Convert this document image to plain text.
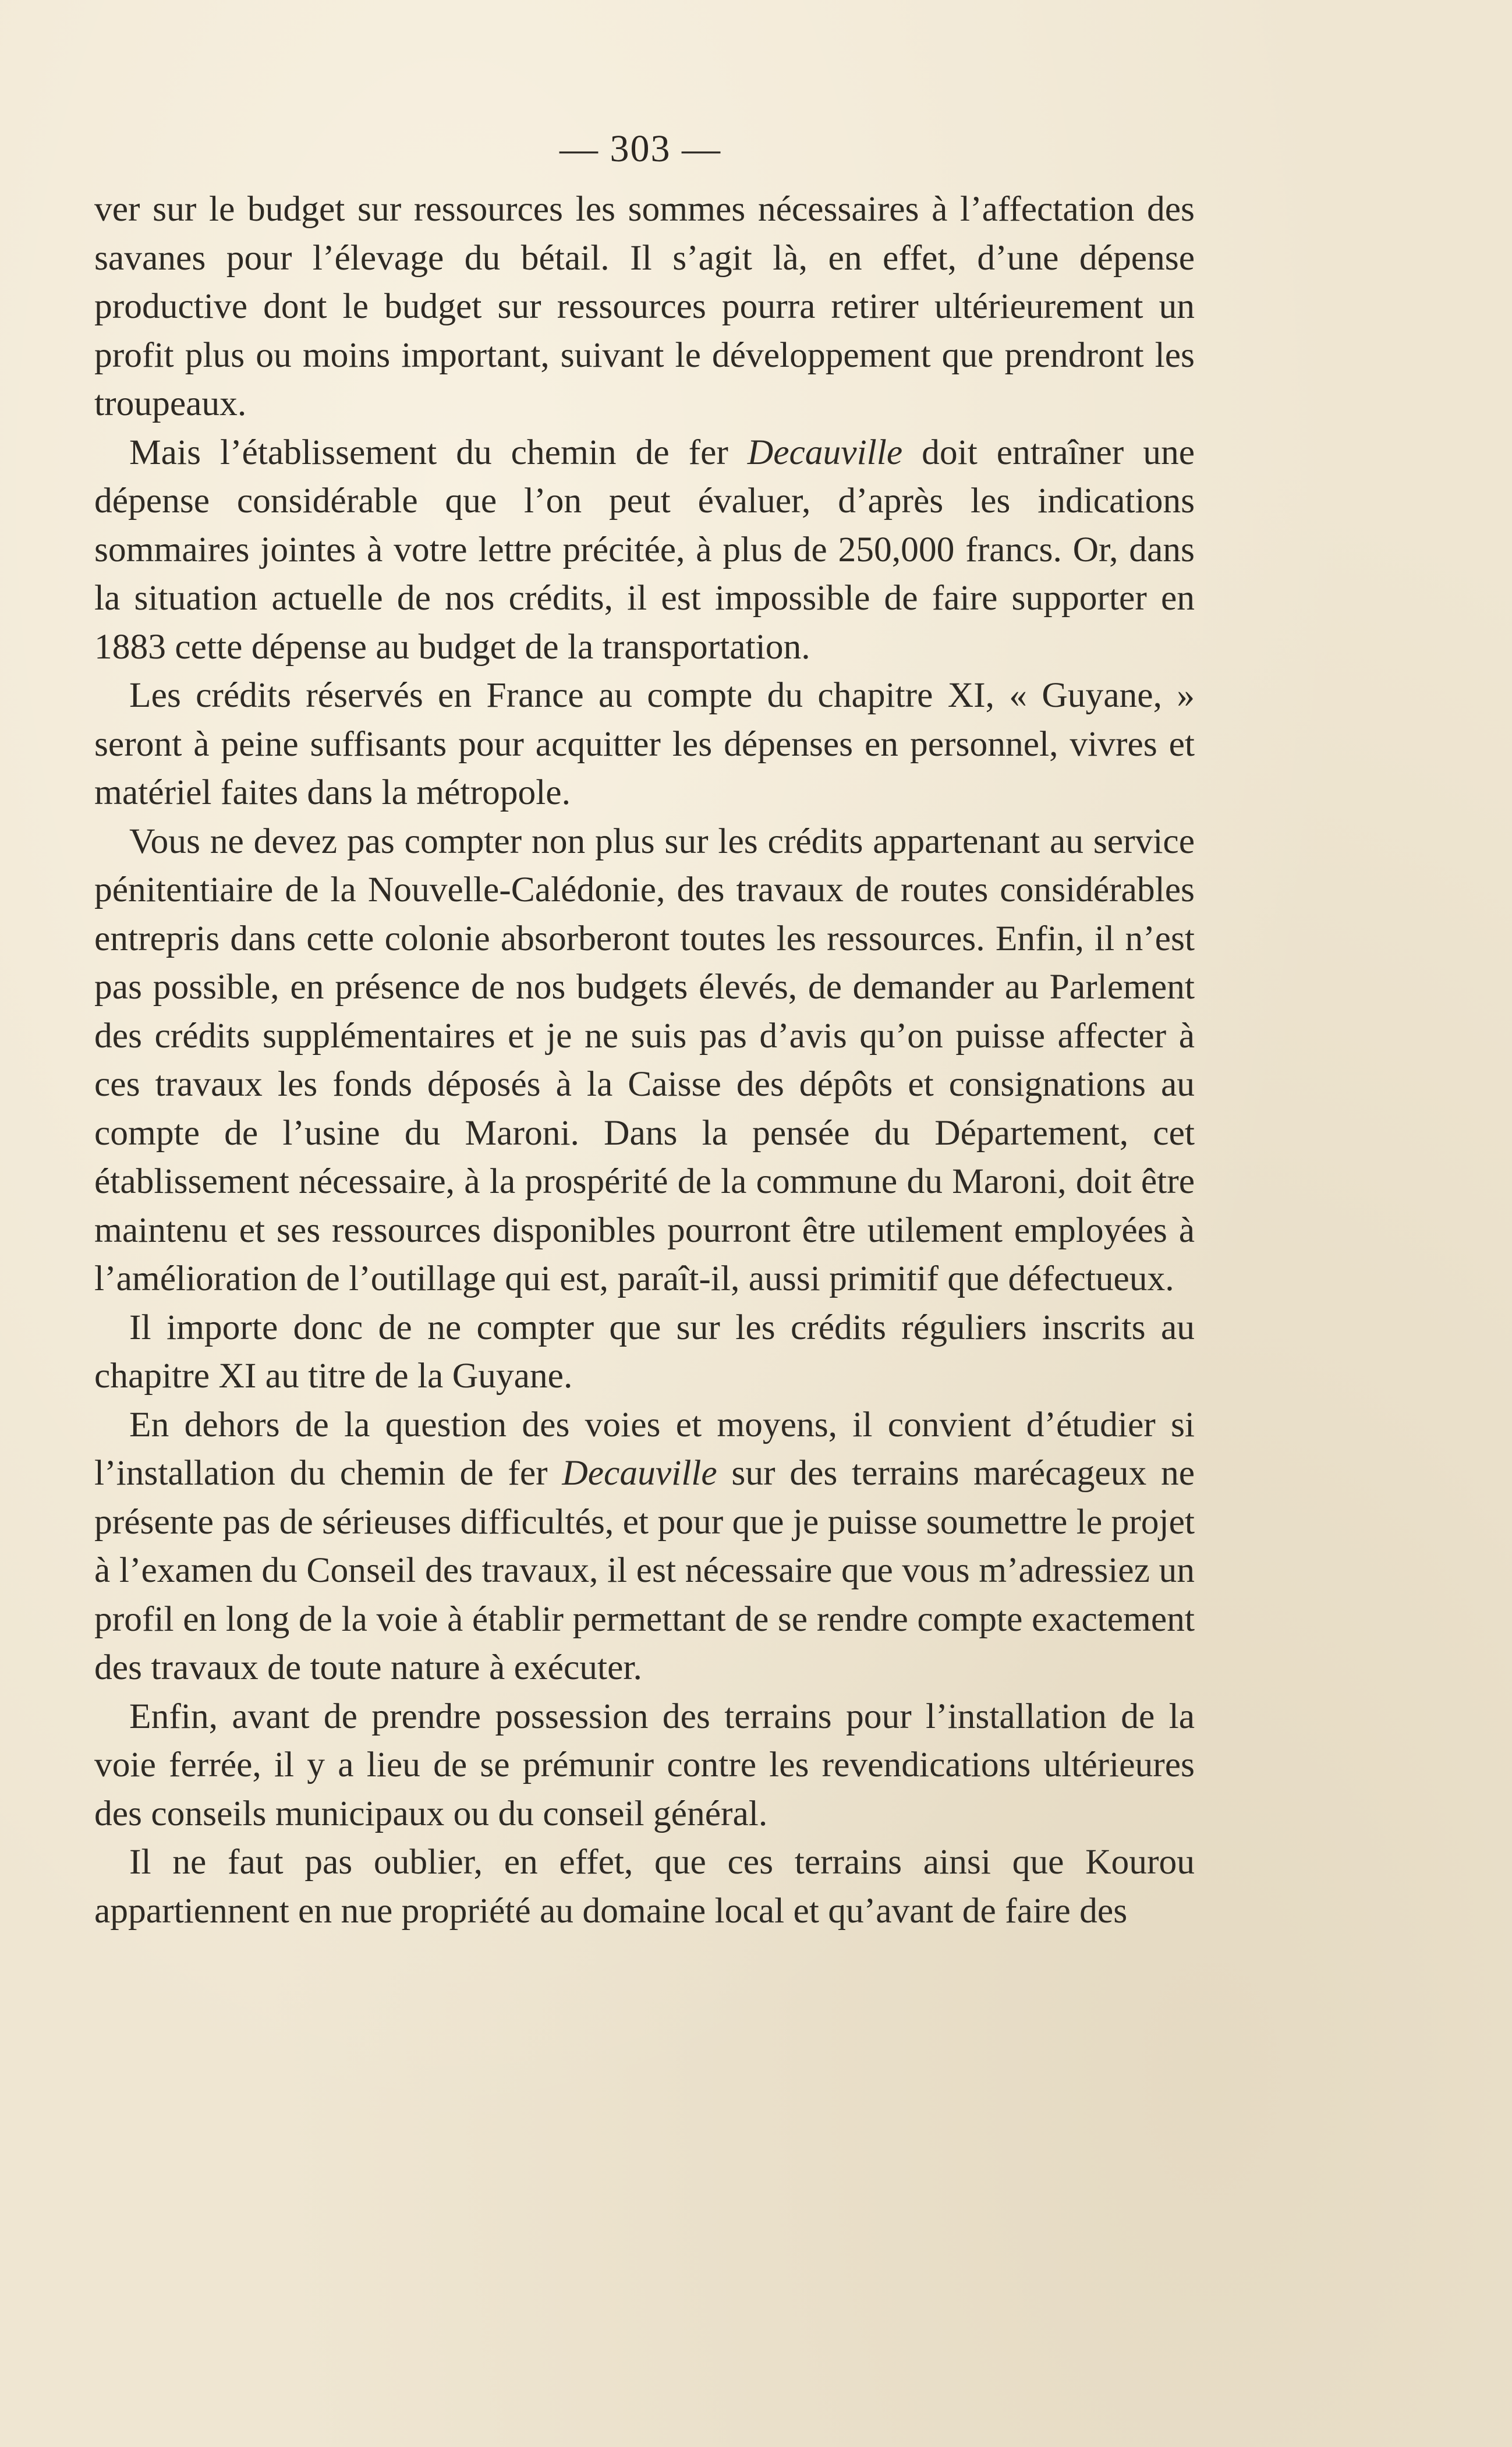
— 303 —

ver sur le budget sur ressources les sommes nécessaires à l’affectation des savanes pour l’élevage du bétail. Il s’agit là, en effet, d’une dépense productive dont le budget sur ressources pourra retirer ultérieurement un profit plus ou moins important, suivant le développement que prendront les troupeaux.

Mais l’établissement du chemin de fer Decauville doit entraîner une dépense considérable que l’on peut évaluer, d’après les indications sommaires jointes à votre lettre précitée, à plus de 250,000 francs. Or, dans la situation actuelle de nos crédits, il est impossible de faire supporter en 1883 cette dépense au budget de la transportation.

Les crédits réservés en France au compte du chapitre XI, « Guyane, » seront à peine suffisants pour acquitter les dépenses en personnel, vivres et matériel faites dans la métropole.

Vous ne devez pas compter non plus sur les crédits appartenant au service pénitentiaire de la Nouvelle-Calédonie, des travaux de routes considérables entrepris dans cette colonie absorberont toutes les ressources. Enfin, il n’est pas possible, en présence de nos budgets élevés, de demander au Parlement des crédits supplémentaires et je ne suis pas d’avis qu’on puisse affecter à ces travaux les fonds déposés à la Caisse des dépôts et consignations au compte de l’usine du Maroni. Dans la pensée du Département, cet établissement nécessaire, à la prospérité de la commune du Maroni, doit être maintenu et ses ressources disponibles pourront être utilement employées à l’amélioration de l’outillage qui est, paraît-il, aussi primitif que défectueux.

Il importe donc de ne compter que sur les crédits réguliers inscrits au chapitre XI au titre de la Guyane.

En dehors de la question des voies et moyens, il convient d’étudier si l’installation du chemin de fer Decauville sur des terrains marécageux ne présente pas de sérieuses difficultés, et pour que je puisse soumettre le projet à l’examen du Conseil des travaux, il est nécessaire que vous m’adressiez un profil en long de la voie à établir permettant de se rendre compte exactement des travaux de toute nature à exécuter.

Enfin, avant de prendre possession des terrains pour l’installation de la voie ferrée, il y a lieu de se prémunir contre les revendications ultérieures des conseils municipaux ou du conseil général.

Il ne faut pas oublier, en effet, que ces terrains ainsi que Kourou appartiennent en nue propriété au domaine local et qu’avant de faire des
